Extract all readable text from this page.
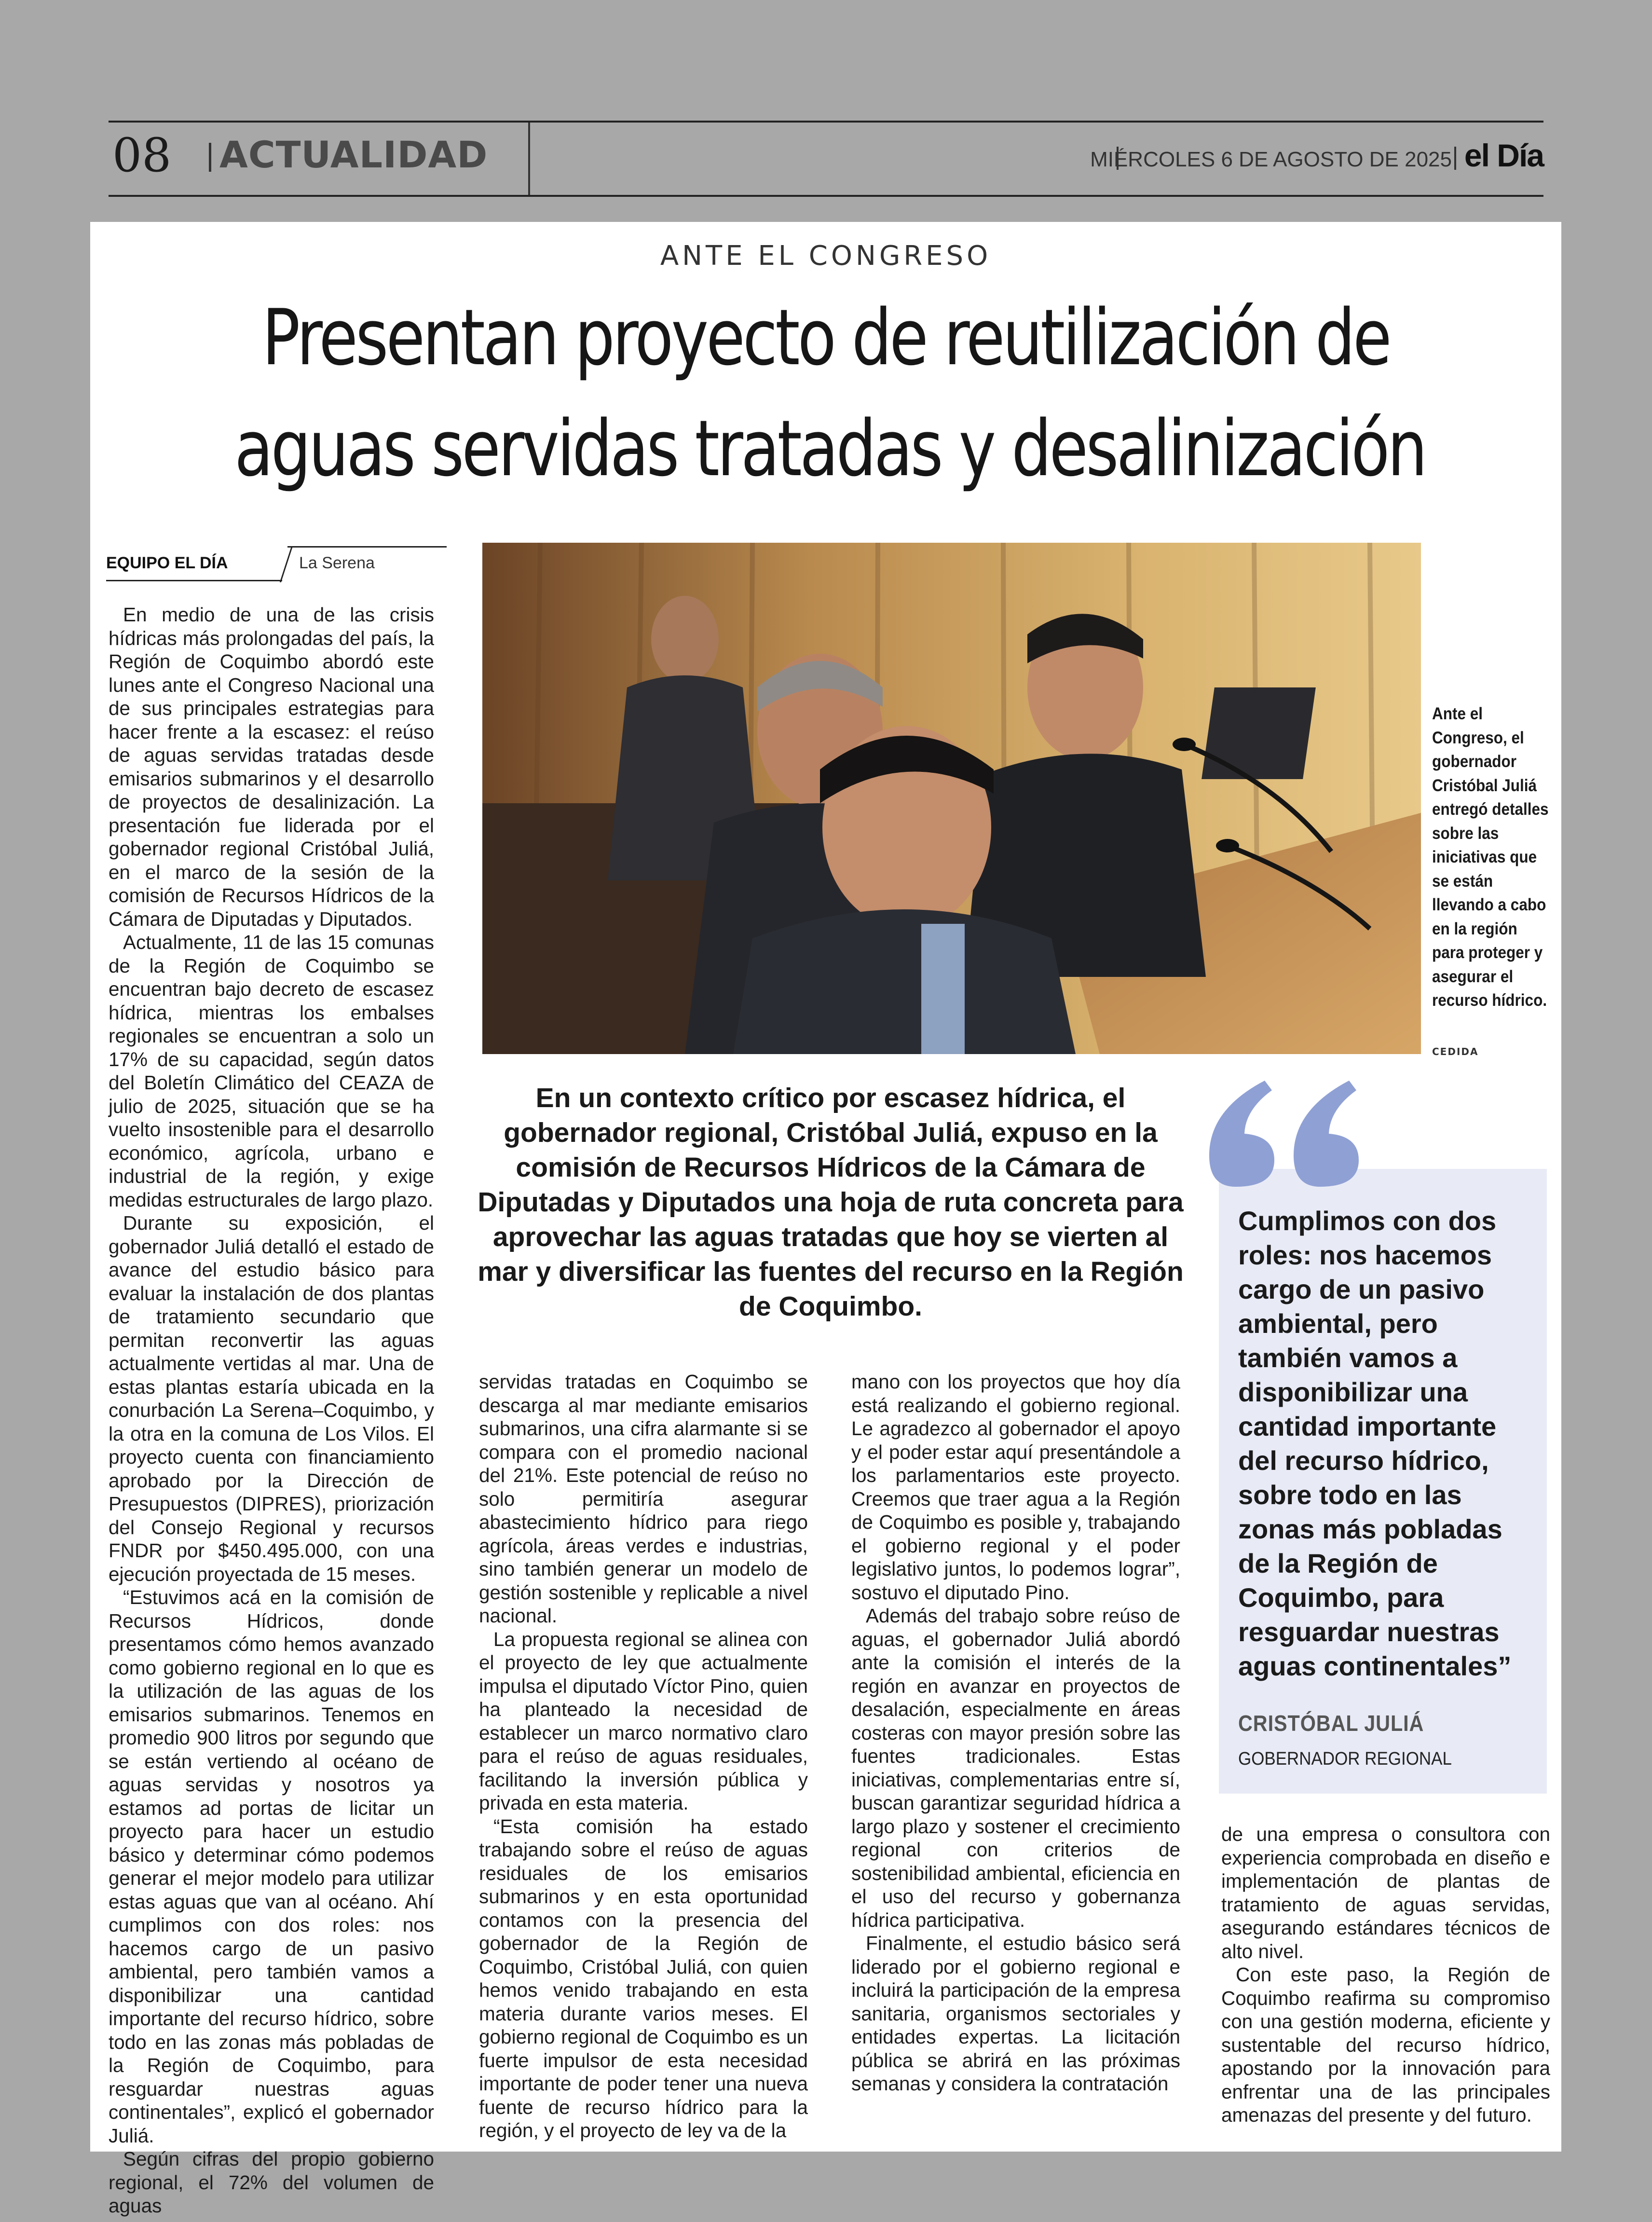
08 ACTUALIDAD	MIÉRCOLES 6 DE AGOSTO DE 2025 el Día
ANTE EL CONGRESO
Presentan proyecto de reutilización de
aguas servidas tratadas y desalinización
EQUIPO EL DÍA	La Serena

En medio de una de las crisis hídricas más prolongadas del país, la Región de Coquimbo abordó este lunes ante el Congreso Nacional una de sus principales estrategias para hacer frente a la escasez: el reúso de aguas servidas tratadas desde emisarios submarinos y el desarrollo de proyectos de desalinización. La presentación fue liderada por el gobernador regional Cristóbal Juliá, en el marco de la sesión de la comisión de Recursos Hídricos de la Cámara de Diputadas y Diputados.

Actualmente, 11 de las 15 comunas de la Región de Coquimbo se encuentran bajo decreto de escasez hídrica, mientras los embalses regionales se encuentran a solo un 17% de su capacidad, según datos del Boletín Climático del CEAZA de julio de 2025, situación que se ha vuelto insostenible para el desarrollo económico, agrícola, urbano e industrial de la región, y exige medidas estructurales de largo plazo.

Durante su exposición, el gobernador Juliá detalló el estado de avance del estudio básico para evaluar la instalación de dos plantas de tratamiento secundario que permitan reconvertir las aguas actualmente vertidas al mar. Una de estas plantas estaría ubicada en la conurbación La Serena–Coquimbo, y la otra en la comuna de Los Vilos. El proyecto cuenta con financiamiento aprobado por la Dirección de Presupuestos (DIPRES), priorización del Consejo Regional y recursos FNDR por $450.495.000, con una ejecución proyectada de 15 meses.

“Estuvimos acá en la comisión de Recursos Hídricos, donde presentamos cómo hemos avanzado como gobierno regional en lo que es la utilización de las aguas de los emisarios submarinos. Tenemos en promedio 900 litros por segundo que se están vertiendo al océano de aguas servidas y nosotros ya estamos ad portas de licitar un proyecto para hacer un estudio básico y determinar cómo podemos generar el mejor modelo para utilizar estas aguas que van al océano. Ahí cumplimos con dos roles: nos hacemos cargo de un pasivo ambiental, pero también vamos a disponibilizar una cantidad importante del recurso hídrico, sobre todo en las zonas más pobladas de la Región de Coquimbo, para resguardar nuestras aguas continentales”, explicó el gobernador Juliá.

Según cifras del propio gobierno regional, el 72% del volumen de aguas

Ante el Congreso, el gobernador Cristóbal Juliá entregó detalles sobre las iniciativas que se están llevando a cabo en la región para proteger y asegurar el recurso hídrico.
CEDIDA
En un contexto crítico por escasez hídrica, el gobernador regional, Cristóbal Juliá, expuso en la comisión de Recursos Hídricos de la Cámara de Diputadas y Diputados una hoja de ruta concreta para aprovechar las aguas tratadas que hoy se vierten al mar y diversificar las fuentes del recurso en la Región de Coquimbo.
Cumplimos con dos roles: nos hacemos cargo de un pasivo ambiental, pero también vamos a disponibilizar una cantidad importante del recurso hídrico, sobre todo en las zonas más pobladas de la Región de Coquimbo, para resguardar nuestras aguas continentales”
CRISTÓBAL JULIÁ
GOBERNADOR REGIONAL

servidas tratadas en Coquimbo se descarga al mar mediante emisarios submarinos, una cifra alarmante si se compara con el promedio nacional del 21%. Este potencial de reúso no solo permitiría asegurar abastecimiento hídrico para riego agrícola, áreas verdes e industrias, sino también generar un modelo de gestión sostenible y replicable a nivel nacional.

La propuesta regional se alinea con el proyecto de ley que actualmente impulsa el diputado Víctor Pino, quien ha planteado la necesidad de establecer un marco normativo claro para el reúso de aguas residuales, facilitando la inversión pública y privada en esta materia.

“Esta comisión ha estado trabajando sobre el reúso de aguas residuales de los emisarios submarinos y en esta oportunidad contamos con la presencia del gobernador de la Región de Coquimbo, Cristóbal Juliá, con quien hemos venido trabajando en esta materia durante varios meses. El gobierno regional de Coquimbo es un fuerte impulsor de esta necesidad importante de poder tener una nueva fuente de recurso hídrico para la región, y el proyecto de ley va de la

mano con los proyectos que hoy día está realizando el gobierno regional. Le agradezco al gobernador el apoyo y el poder estar aquí presentándole a los parlamentarios este proyecto. Creemos que traer agua a la Región de Coquimbo es posible y, trabajando el gobierno regional y el poder legislativo juntos, lo podemos lograr”, sostuvo el diputado Pino.

Además del trabajo sobre reúso de aguas, el gobernador Juliá abordó ante la comisión el interés de la región en avanzar en proyectos de desalación, especialmente en áreas costeras con mayor presión sobre las fuentes tradicionales. Estas iniciativas, complementarias entre sí, buscan garantizar seguridad hídrica a largo plazo y sostener el crecimiento regional con criterios de sostenibilidad ambiental, eficiencia en el uso del recurso y gobernanza hídrica participativa.

Finalmente, el estudio básico será liderado por el gobierno regional e incluirá la participación de la empresa sanitaria, organismos sectoriales y entidades expertas. La licitación pública se abrirá en las próximas semanas y considera la contratación

de una empresa o consultora con experiencia comprobada en diseño e implementación de plantas de tratamiento de aguas servidas, asegurando estándares técnicos de alto nivel.

Con este paso, la Región de Coquimbo reafirma su compromiso con una gestión moderna, eficiente y sustentable del recurso hídrico, apostando por la innovación para enfrentar una de las principales amenazas del presente y del futuro.
